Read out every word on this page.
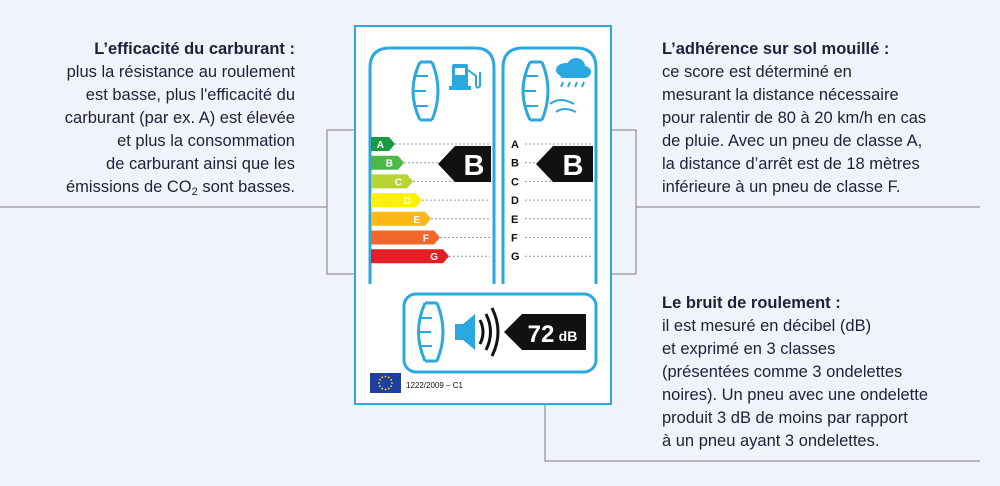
L’efficacité du carburant :
plus la résistance au roulement
est basse, plus l'efficacité du
carburant (par ex. A) est élevée
et plus la consommation
de carburant ainsi que les
émissions de $CO_2$ sont basses.
L’adhérence sur sol mouillé :
ce score est déterminé en
mesurant la distance nécessaire
pour ralentir de 80 à 20 km/h en cas
de pluie. Avec un pneu de classe A,
la distance d’arrêt est de 18 mètres
inférieure à un pneu de classe F.
Le bruit de roulement :
il est mesuré en décibel (dB)
et exprimé en 3 classes
(présentées comme 3 ondelettes
noires). Un pneu avec une ondelette
produit 3 dB de moins par rapport
à un pneu ayant 3 ondelettes.
A
B
C
D
E
F
G
A
B
C
D
E
F
G
B	B
72 dB
1222/2009 – C1
